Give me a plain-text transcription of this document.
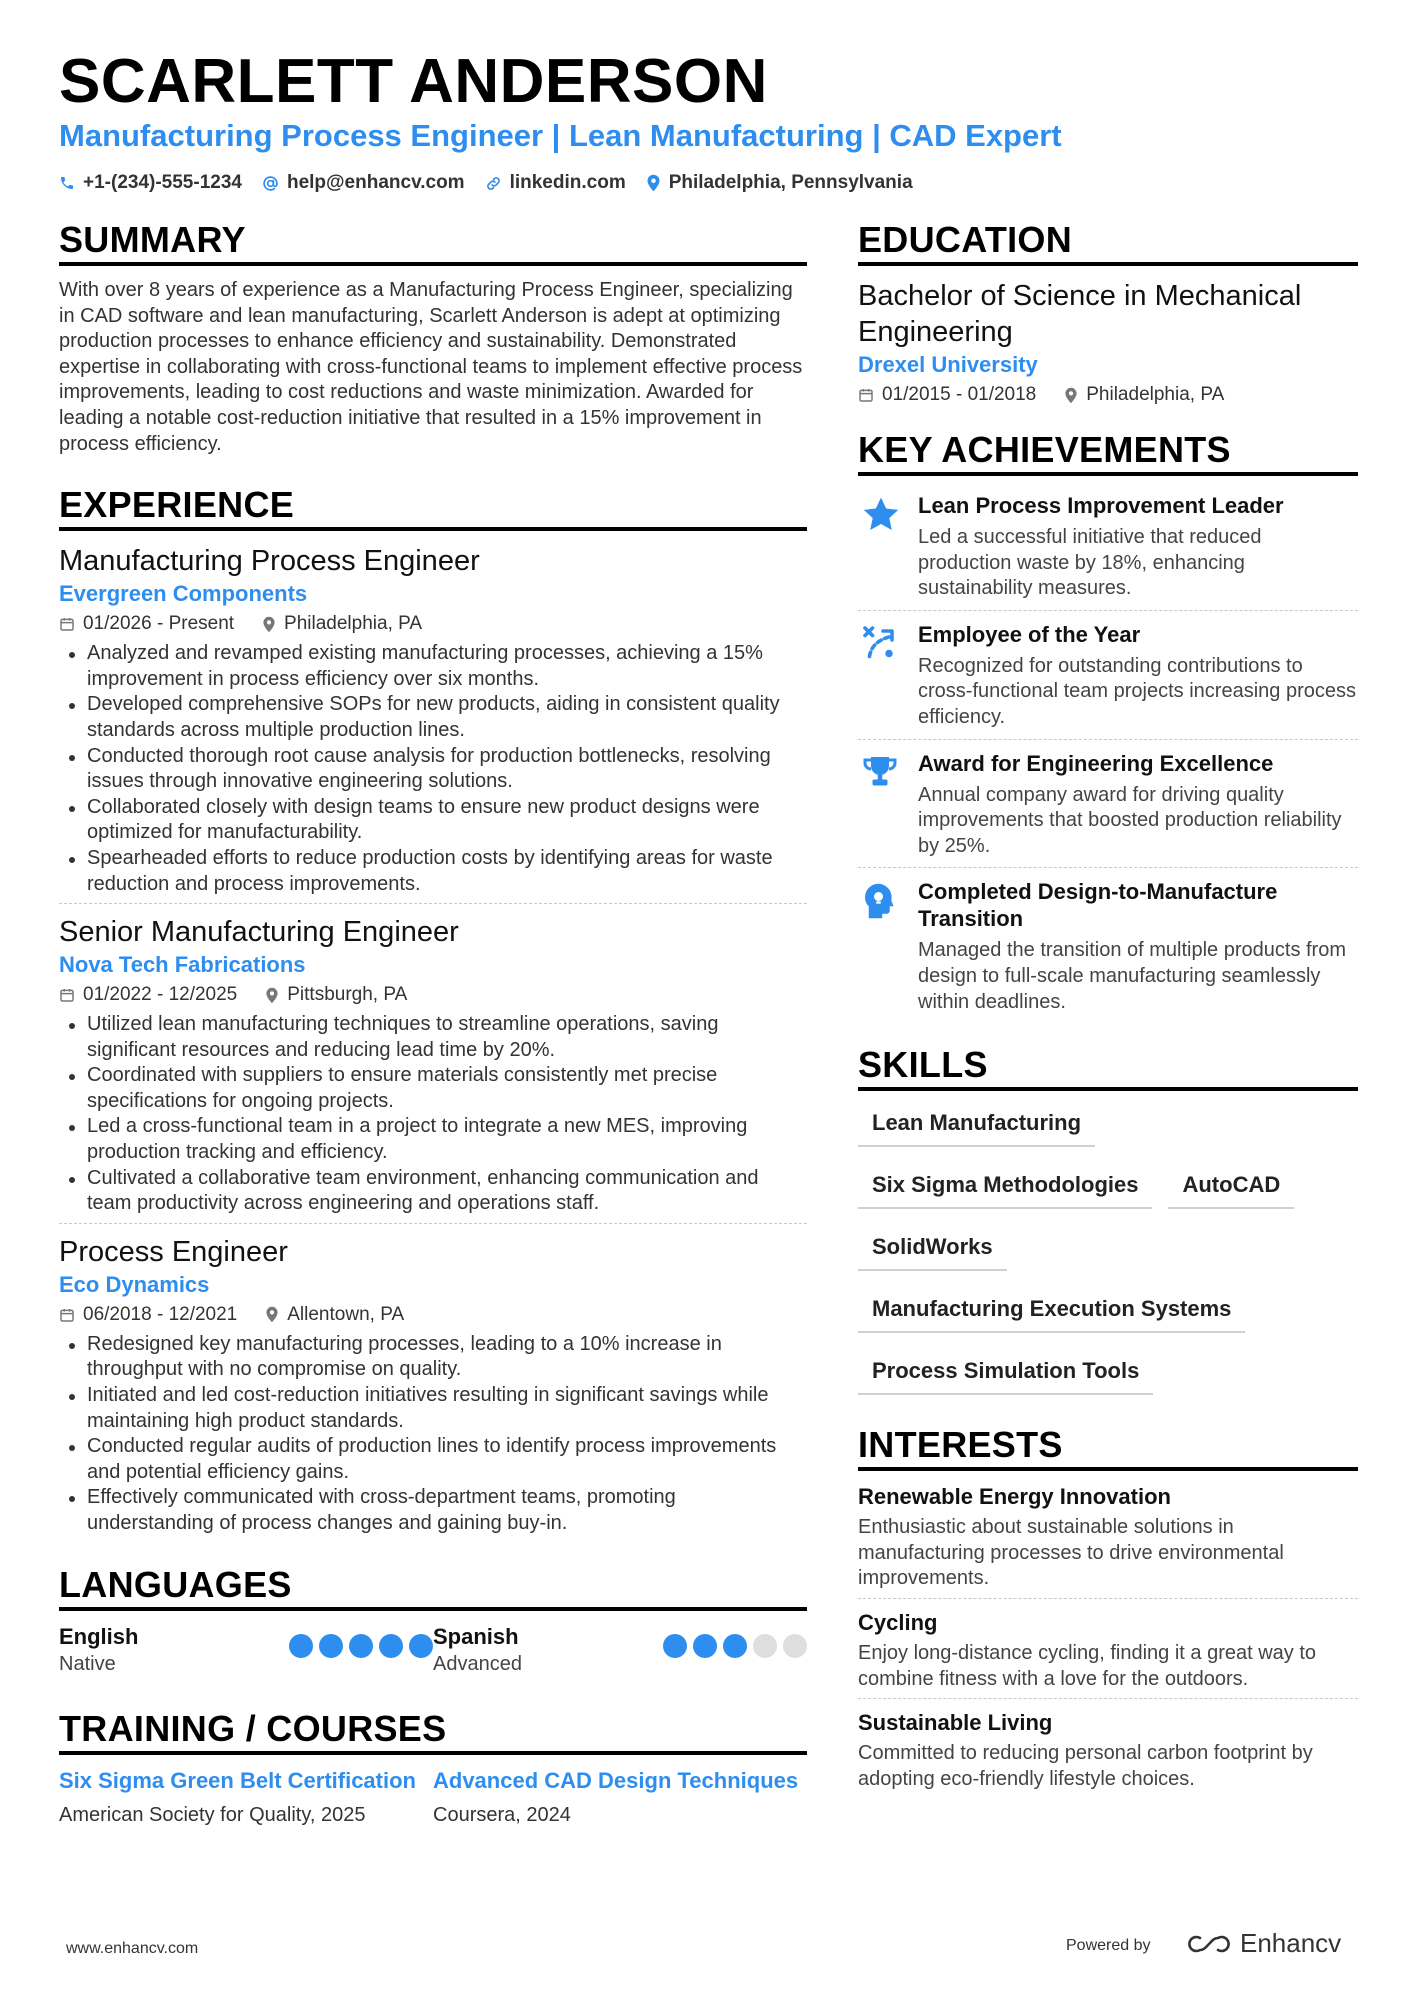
SCARLETT ANDERSON
Manufacturing Process Engineer | Lean Manufacturing | CAD Expert
+1-(234)-555-1234 help@enhancv.com linkedin.com Philadelphia, Pennsylvania
SUMMARY
With over 8 years of experience as a Manufacturing Process Engineer, specializing in CAD software and lean manufacturing, Scarlett Anderson is adept at optimizing production processes to enhance efficiency and sustainability. Demonstrated expertise in collaborating with cross-functional teams to implement effective process improvements, leading to cost reductions and waste minimization. Awarded for leading a notable cost-reduction initiative that resulted in a 15% improvement in process efficiency.
EXPERIENCE
Manufacturing Process Engineer
Evergreen Components
01/2026 - Present	Philadelphia, PA
Analyzed and revamped existing manufacturing processes, achieving a 15% improvement in process efficiency over six months.
Developed comprehensive SOPs for new products, aiding in consistent quality standards across multiple production lines.
Conducted thorough root cause analysis for production bottlenecks, resolving issues through innovative engineering solutions.
Collaborated closely with design teams to ensure new product designs were optimized for manufacturability.
Spearheaded efforts to reduce production costs by identifying areas for waste reduction and process improvements.
Senior Manufacturing Engineer
Nova Tech Fabrications
01/2022 - 12/2025	Pittsburgh, PA
Utilized lean manufacturing techniques to streamline operations, saving significant resources and reducing lead time by 20%.
Coordinated with suppliers to ensure materials consistently met precise specifications for ongoing projects.
Led a cross-functional team in a project to integrate a new MES, improving production tracking and efficiency.
Cultivated a collaborative team environment, enhancing communication and team productivity across engineering and operations staff.
Process Engineer
Eco Dynamics
06/2018 - 12/2021	Allentown, PA
Redesigned key manufacturing processes, leading to a 10% increase in throughput with no compromise on quality.
Initiated and led cost-reduction initiatives resulting in significant savings while maintaining high product standards.
Conducted regular audits of production lines to identify process improvements and potential efficiency gains.
Effectively communicated with cross-department teams, promoting understanding of process changes and gaining buy-in.
LANGUAGES
English
Native
Spanish
Advanced
TRAINING / COURSES
Six Sigma Green Belt Certification
American Society for Quality, 2025
Advanced CAD Design Techniques
Coursera, 2024
EDUCATION
Bachelor of Science in Mechanical Engineering
Drexel University
01/2015 - 01/2018	Philadelphia, PA
KEY ACHIEVEMENTS
Lean Process Improvement Leader
Led a successful initiative that reduced production waste by 18%, enhancing sustainability measures.
Employee of the Year
Recognized for outstanding contributions to cross-functional team projects increasing process efficiency.
Award for Engineering Excellence
Annual company award for driving quality improvements that boosted production reliability by 25%.
Completed Design-to-Manufacture Transition
Managed the transition of multiple products from design to full-scale manufacturing seamlessly within deadlines.
SKILLS
Lean Manufacturing
Six Sigma Methodologies	AutoCAD
SolidWorks
Manufacturing Execution Systems
Process Simulation Tools
INTERESTS
Renewable Energy Innovation
Enthusiastic about sustainable solutions in manufacturing processes to drive environmental improvements.
Cycling
Enjoy long-distance cycling, finding it a great way to combine fitness with a love for the outdoors.
Sustainable Living
Committed to reducing personal carbon footprint by adopting eco-friendly lifestyle choices.
www.enhancv.com	Powered by	Enhancv
